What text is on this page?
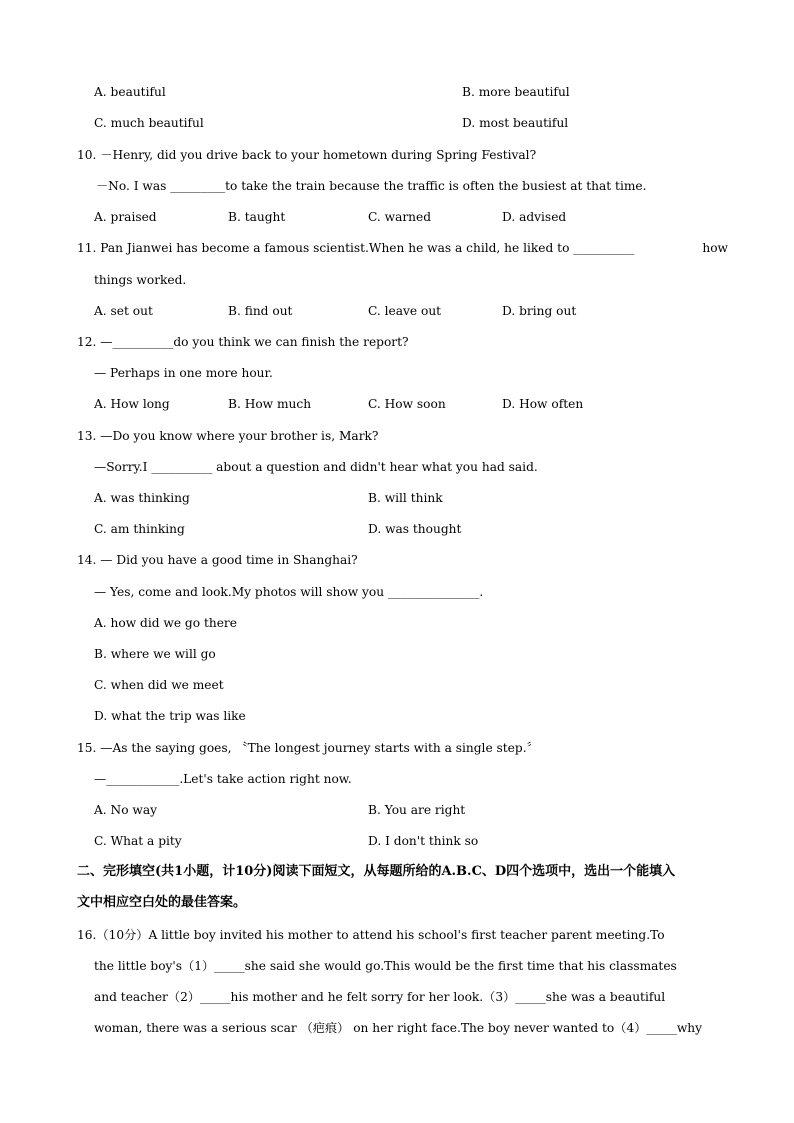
A. beautiful	B. more beautiful
C. much beautiful	D. most beautiful
10. －Henry, did you drive back to your hometown during Spring Festival?
－No. I was _________to take the train because the traffic is often the busiest at that time.
A. praised	B. taught	C. warned	D. advised
11. Pan Jianwei has become a famous scientist.When he was a child, he liked to __________	how
things worked.
A. set out	B. find out	C. leave out	D. bring out
12. —__________do you think we can finish the report?
— Perhaps in one more hour.
A. How long	B. How much	C. How soon	D. How often
13. —Do you know where your brother is, Mark?
—Sorry.I __________ about a question and didn't hear what you had said.
A. was thinking	B. will think
C. am thinking	D. was thought
14. — Did you have a good time in Shanghai?
— Yes, come and look.My photos will show you _______________.
A. how did we go there
B. where we will go
C. when did we meet
D. what the trip was like
15. —As the saying goes, 〝The longest journey starts with a single step.〞
—____________.Let's take action right now.
A. No way	B. You are right
C. What a pity	D. I don't think so
二、完形填空(共1小题，计10分)阅读下面短文，从每题所给的A.B.C、D四个选项中，选出一个能填入
文中相应空白处的最佳答案。
16.（10分）A little boy invited his mother to attend his school's first teacher parent meeting.To
the little boy's（1）_____she said she would go.This would be the first time that his classmates
and teacher（2）_____his mother and he felt sorry for her look.（3）_____she was a beautiful
woman, there was a serious scar （疤痕） on her right face.The boy never wanted to（4）_____why
